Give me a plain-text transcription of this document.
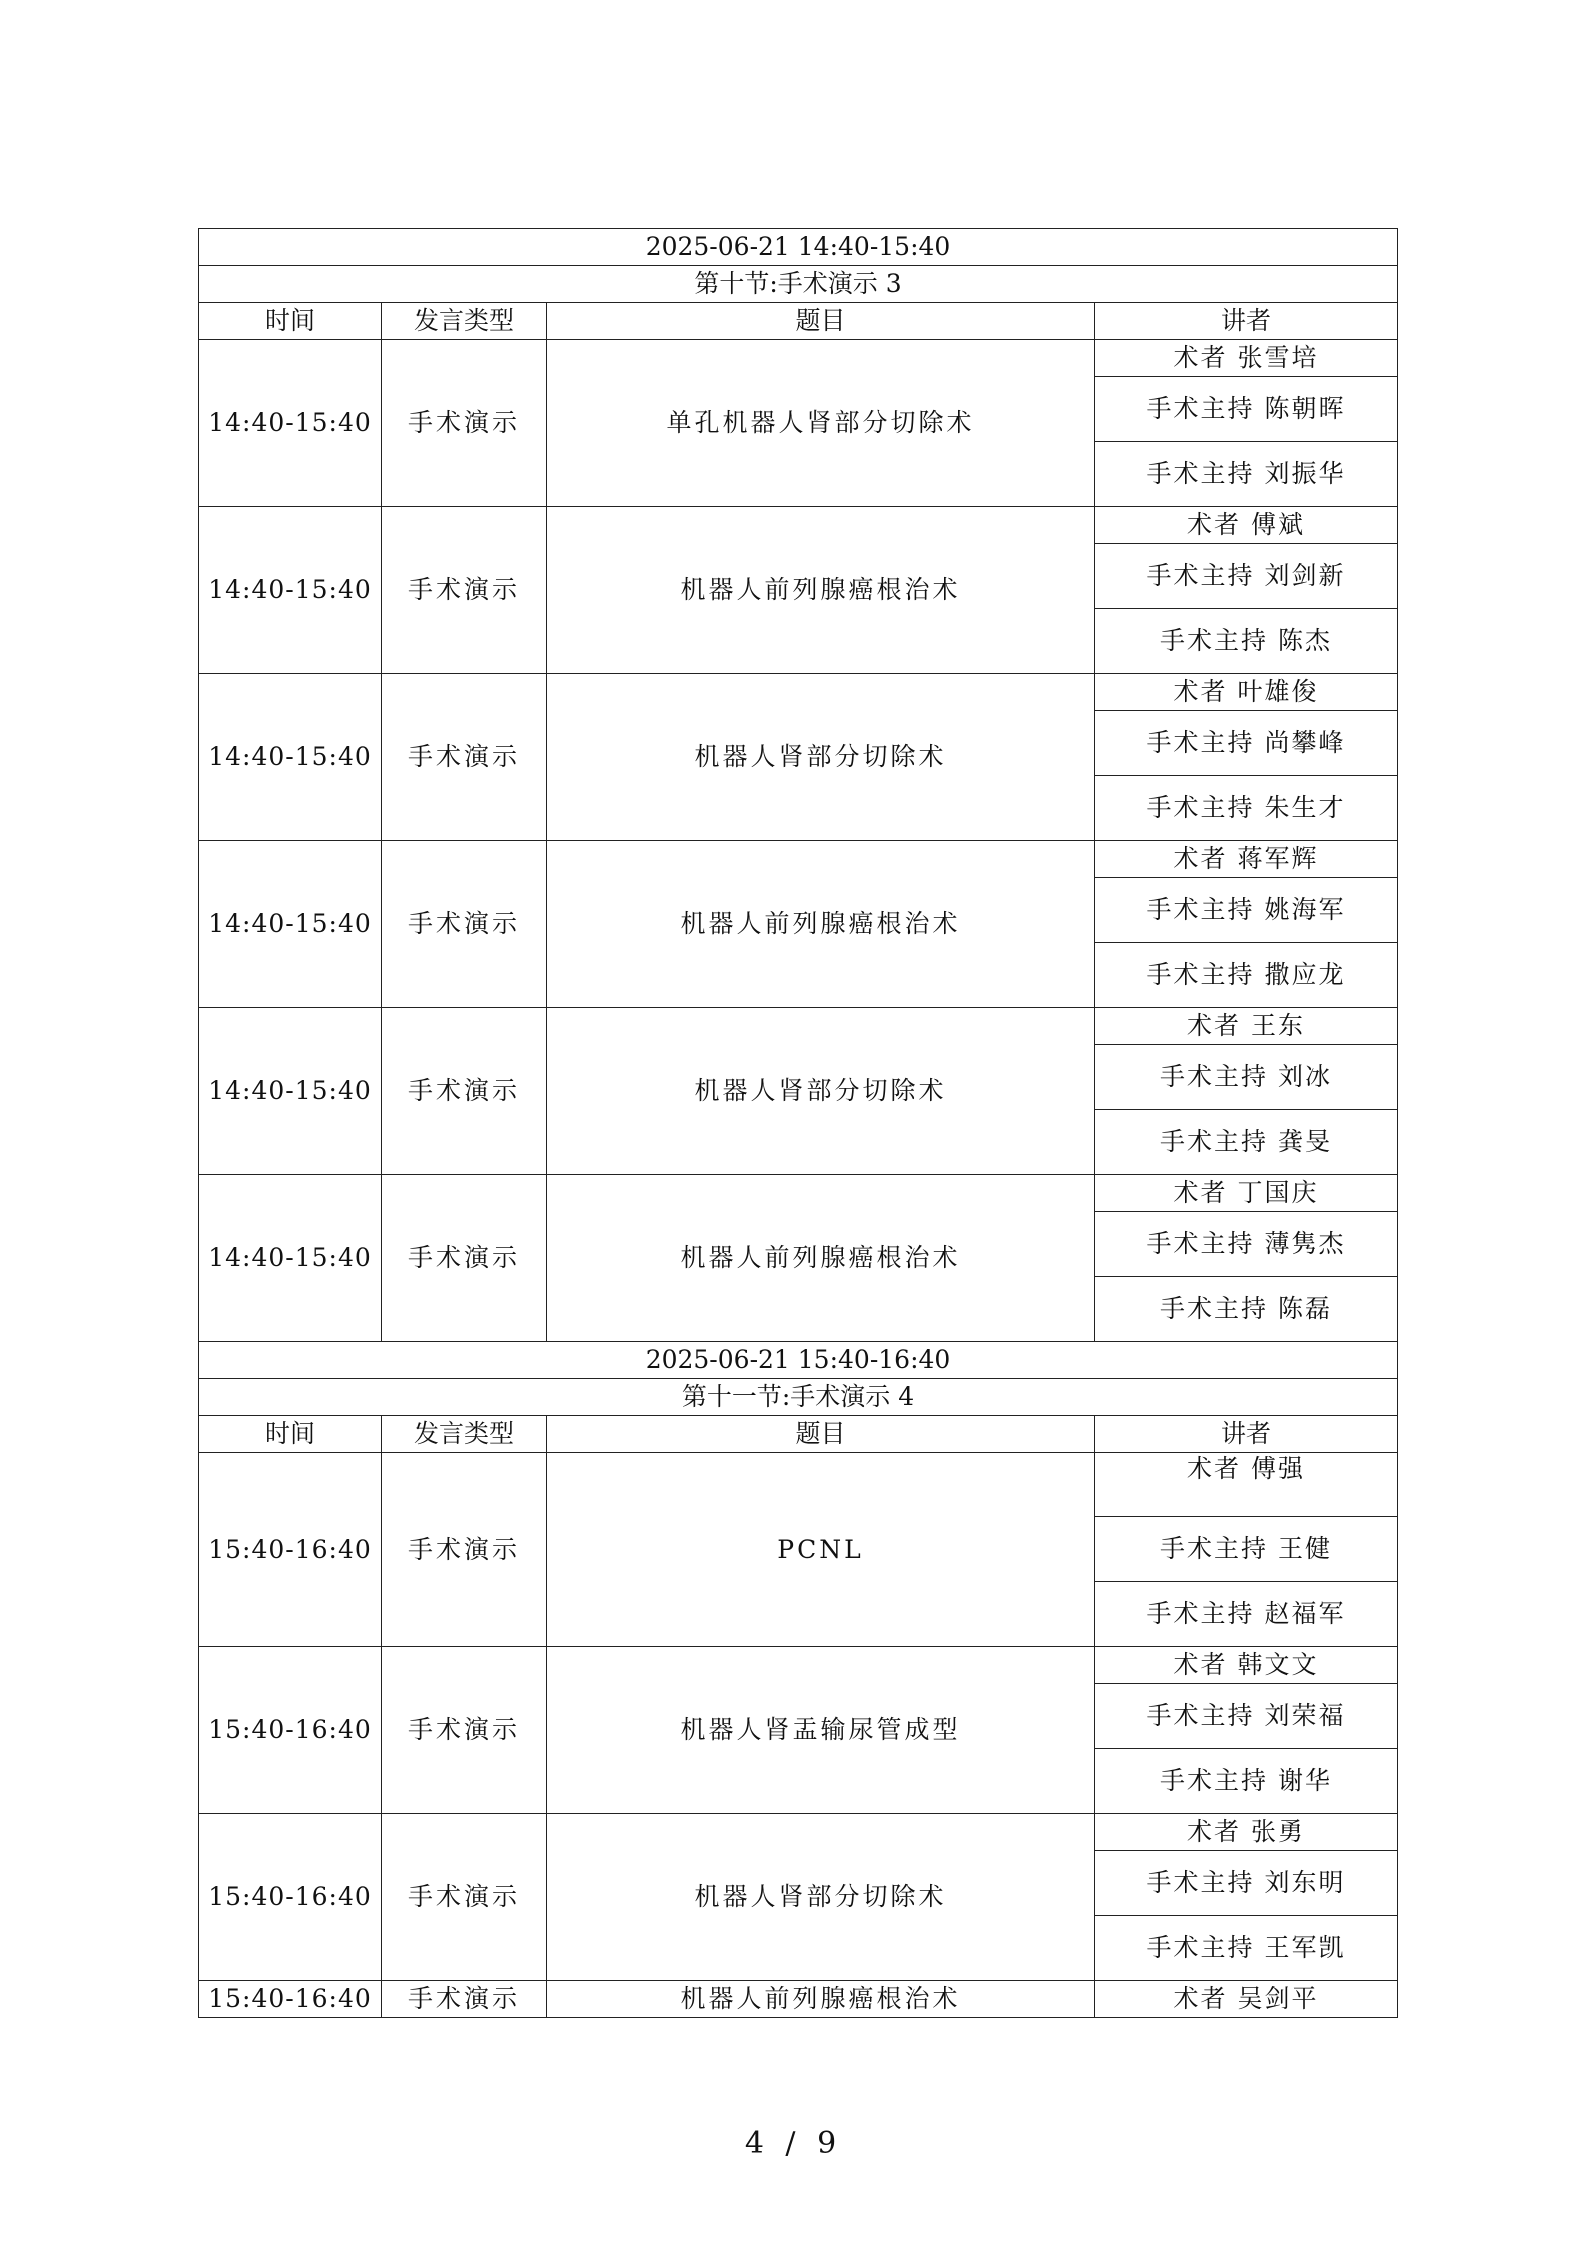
2025-06-21 14:40-15:40			
第十节:手术演示 3			
时间	发言类型	题目	讲者
14:40-15:40	手术演示	单孔机器人肾部分切除术	术者 张雪培
			手术主持 陈朝晖
			手术主持 刘振华
14:40-15:40	手术演示	机器人前列腺癌根治术	术者 傅斌
			手术主持 刘剑新
			手术主持 陈杰
14:40-15:40	手术演示	机器人肾部分切除术	术者 叶雄俊
			手术主持 尚攀峰
			手术主持 朱生才
14:40-15:40	手术演示	机器人前列腺癌根治术	术者 蒋军辉
			手术主持 姚海军
			手术主持 撒应龙
14:40-15:40	手术演示	机器人肾部分切除术	术者 王东
			手术主持 刘冰
			手术主持 龚旻
14:40-15:40	手术演示	机器人前列腺癌根治术	术者 丁国庆
			手术主持 薄隽杰
			手术主持 陈磊
2025-06-21 15:40-16:40			
第十一节:手术演示 4			
时间	发言类型	题目	讲者
15:40-16:40	手术演示	PCNL	术者 傅强
			手术主持 王健
			手术主持 赵福军
15:40-16:40	手术演示	机器人肾盂输尿管成型	术者 韩文文
			手术主持 刘荣福
			手术主持 谢华
15:40-16:40	手术演示	机器人肾部分切除术	术者 张勇
			手术主持 刘东明
			手术主持 王军凯
15:40-16:40	手术演示	机器人前列腺癌根治术	术者 吴剑平
4 / 9
